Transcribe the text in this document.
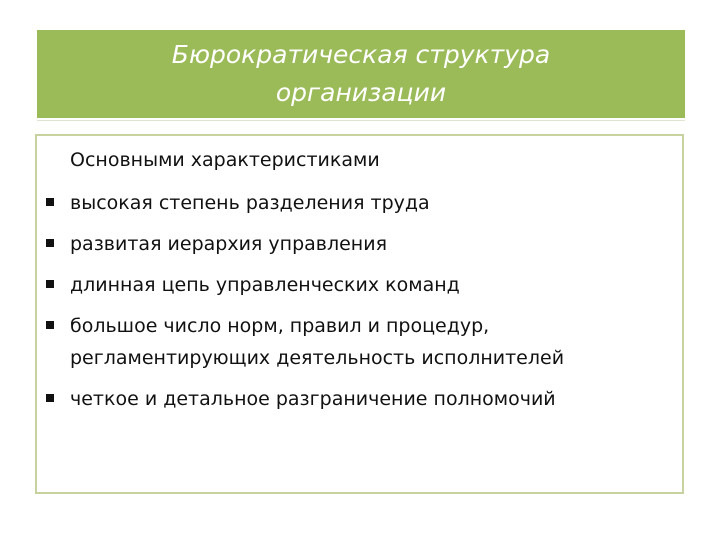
Бюрократическая структура организации
Основными характеристиками
высокая степень разделения труда
развитая иерархия управления
длинная цепь управленческих команд
большое число норм, правил и процедур, регламентирующих деятельность исполнителей
четкое и детальное разграничение полномочий
